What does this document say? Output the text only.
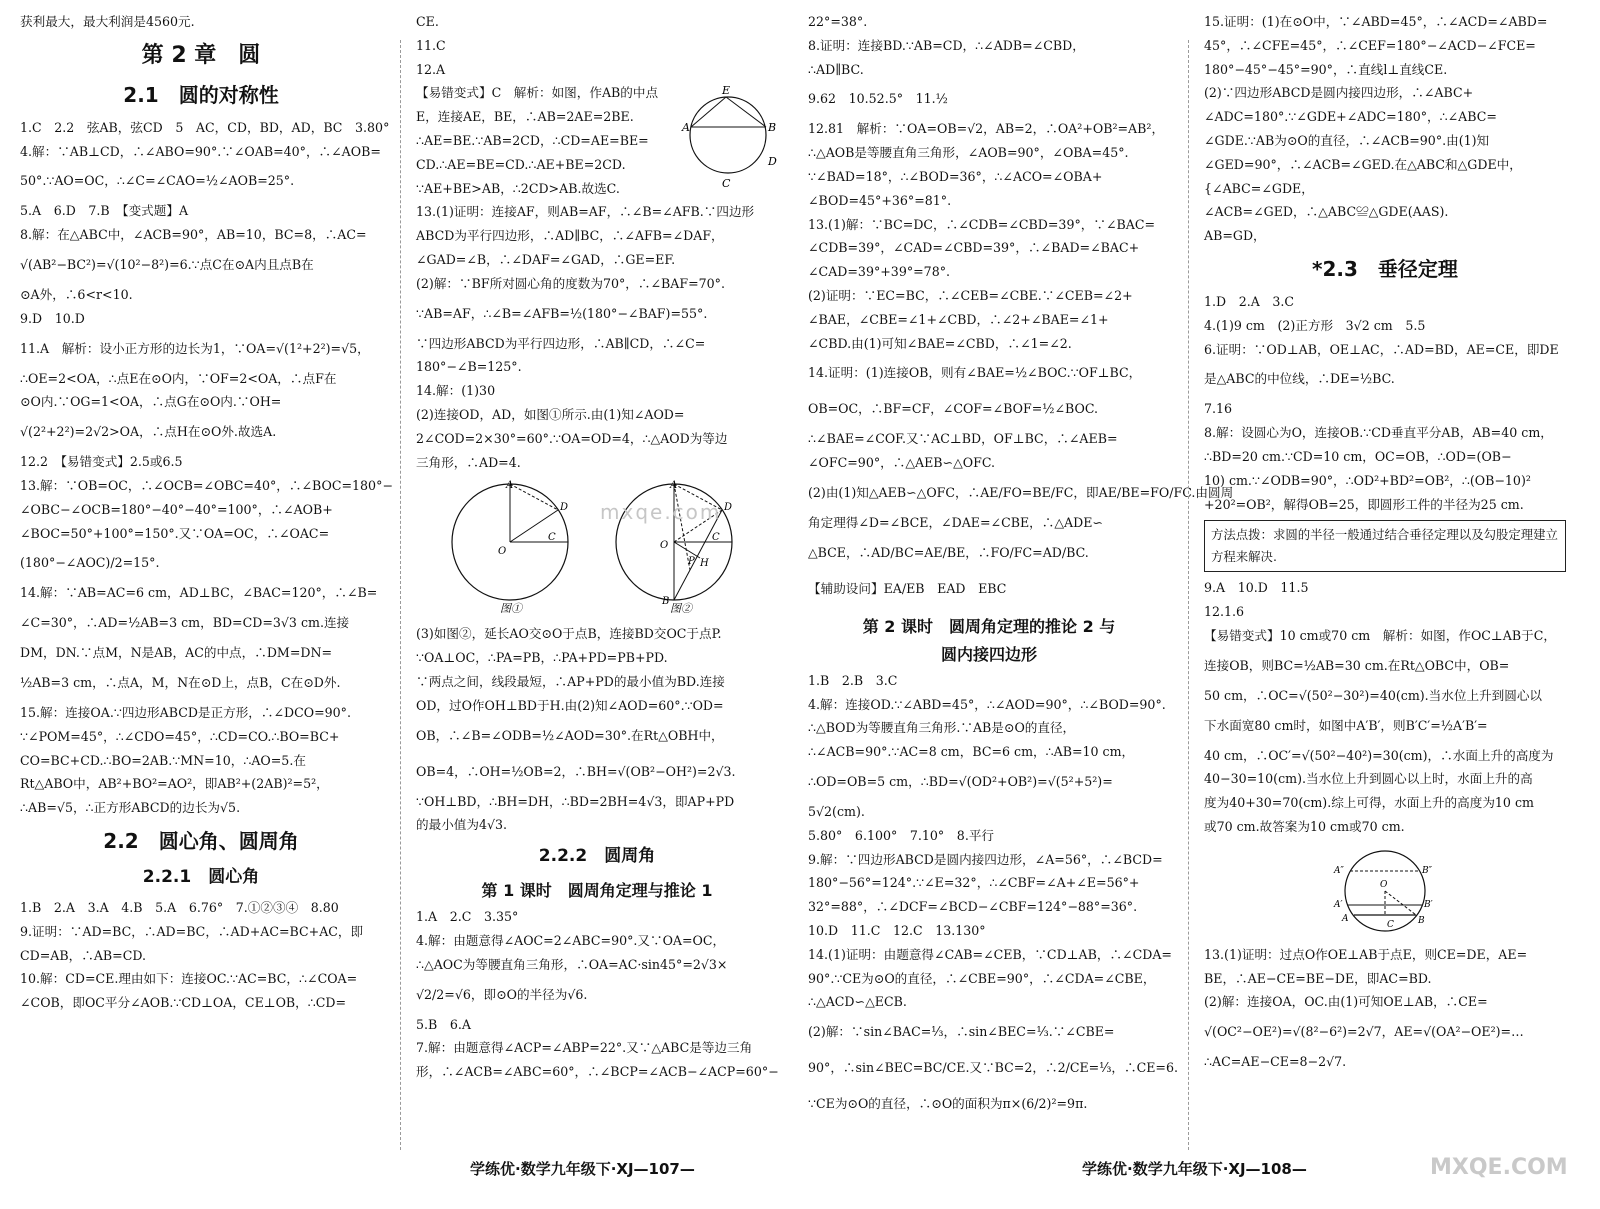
获利最大，最大利润是4560元.

第 2 章　圆
2.1　圆的对称性

1.C　2.2　弦AB，弦CD　5　AC，CD，BD，AD，BC　3.80°

4.解：∵AB⊥CD，∴∠ABO=90°.∵∠OAB=40°，∴∠AOB=

50°.∵AO=OC，∴∠C=∠CAO=½∠AOB=25°.

5.A　6.D　7.B　【变式题】A

8.解：在△ABC中，∠ACB=90°，AB=10，BC=8，∴AC=

√(AB²−BC²)=√(10²−8²)=6.∵点C在⊙A内且点B在

⊙A外，∴6<r<10.

9.D　10.D

11.A　解析：设小正方形的边长为1，∵OA=√(1²+2²)=√5，

∴OE=2<OA，∴点E在⊙O内，∵OF=2<OA，∴点F在

⊙O内.∵OG=1<OA，∴点G在⊙O内.∵OH=

√(2²+2²)=2√2>OA，∴点H在⊙O外.故选A.

12.2　【易错变式】2.5或6.5

13.解：∵OB=OC，∴∠OCB=∠OBC=40°，∴∠BOC=180°−

∠OBC−∠OCB=180°−40°−40°=100°，∴∠AOB+

∠BOC=50°+100°=150°.又∵OA=OC，∴∠OAC=

(180°−∠AOC)/2=15°.

14.解：∵AB=AC=6 cm，AD⊥BC，∠BAC=120°，∴∠B=

∠C=30°，∴AD=½AB=3 cm，BD=CD=3√3 cm.连接

DM，DN.∵点M，N是AB，AC的中点，∴DM=DN=

½AB=3 cm，∴点A，M，N在⊙D上，点B，C在⊙D外.

15.解：连接OA.∵四边形ABCD是正方形，∴∠DCO=90°.

∵∠POM=45°，∴∠CDO=45°，∴CD=CO.∴BO=BC+

CO=BC+CD.∴BO=2AB.∵MN=10，∴AO=5.在

Rt△ABO中，AB²+BO²=AO²，即AB²+(2AB)²=5²，

∴AB=√5，∴正方形ABCD的边长为√5.

2.2　圆心角、圆周角
2.2.1　圆心角

1.B　2.A　3.A　4.B　5.A　6.76°　7.①②③④　8.80

9.证明：∵AD=BC，∴AD=BC，∴AD+AC=BC+AC，即

CD=AB，∴AB=CD.

10.解：CD=CE.理由如下：连接OC.∵AC=BC，∴∠COA=

∠COB，即OC平分∠AOB.∵CD⊥OA，CE⊥OB，∴CD=

CE.

11.C

12.A

E
A	B
D
C

【易错变式】C　解析：如图，作AB的中点

E，连接AE，BE，∴AB=2AE=2BE.

∴AE=BE.∵AB=2CD，∴CD=AE=BE=

CD.∴AE=BE=CD.∴AE+BE=2CD.

∵AE+BE>AB，∴2CD>AB.故选C.

13.(1)证明：连接AF，则AB=AF，∴∠B=∠AFB.∵四边形

ABCD为平行四边形，∴AD∥BC，∴∠AFB=∠DAF，

∠GAD=∠B，∴∠DAF=∠GAD，∴GE=EF.

(2)解：∵BF所对圆心角的度数为70°，∴∠BAF=70°.

∵AB=AF，∴∠B=∠AFB=½(180°−∠BAF)=55°.

∵四边形ABCD为平行四边形，∴AB∥CD，∴∠C=

180°−∠B=125°.

14.解：(1)30

(2)连接OD，AD，如图①所示.由(1)知∠AOD=

2∠COD=2×30°=60°.∵OA=OD=4，∴△AOD为等边

三角形，∴AD=4.

A
D
C
O
图①
A
D
C
O
P H
B
图②

(3)如图②，延长AO交⊙O于点B，连接BD交OC于点P.

∵OA⊥OC，∴PA=PB，∴PA+PD=PB+PD.

∵两点之间，线段最短，∴AP+PD的最小值为BD.连接

OD，过O作OH⊥BD于H.由(2)知∠AOD=60°.∵OD=

OB，∴∠B=∠ODB=½∠AOD=30°.在Rt△OBH中，

OB=4，∴OH=½OB=2，∴BH=√(OB²−OH²)=2√3.

∵OH⊥BD，∴BH=DH，∴BD=2BH=4√3，即AP+PD

的最小值为4√3.

2.2.2　圆周角
第 1 课时　圆周角定理与推论 1

1.A　2.C　3.35°

4.解：由题意得∠AOC=2∠ABC=90°.又∵OA=OC，

∴△AOC为等腰直角三角形，∴OA=AC·sin45°=2√3×

√2/2=√6，即⊙O的半径为√6.

5.B　6.A

7.解：由题意得∠ACP=∠ABP=22°.又∵△ABC是等边三角

形，∴∠ACB=∠ABC=60°，∴∠BCP=∠ACB−∠ACP=60°−

22°=38°.

8.证明：连接BD.∵AB=CD，∴∠ADB=∠CBD，

∴AD∥BC.

9.62　10.52.5°　11.½

12.81　解析：∵OA=OB=√2，AB=2，∴OA²+OB²=AB²，

∴△AOB是等腰直角三角形，∠AOB=90°，∠OBA=45°.

∵∠BAD=18°，∴∠BOD=36°，∴∠ACO=∠OBA+

∠BOD=45°+36°=81°.

13.(1)解：∵BC=DC，∴∠CDB=∠CBD=39°，∵∠BAC=

∠CDB=39°，∠CAD=∠CBD=39°，∴∠BAD=∠BAC+

∠CAD=39°+39°=78°.

(2)证明：∵EC=BC，∴∠CEB=∠CBE.∵∠CEB=∠2+

∠BAE，∠CBE=∠1+∠CBD，∴∠2+∠BAE=∠1+

∠CBD.由(1)可知∠BAE=∠CBD，∴∠1=∠2.

14.证明：(1)连接OB，则有∠BAE=½∠BOC.∵OF⊥BC，

OB=OC，∴BF=CF，∠COF=∠BOF=½∠BOC.

∴∠BAE=∠COF.又∵AC⊥BD，OF⊥BC，∴∠AEB=

∠OFC=90°，∴△AEB∽△OFC.

(2)由(1)知△AEB∽△OFC，∴AE/FO=BE/FC，即AE/BE=FO/FC.由圆周

角定理得∠D=∠BCE，∠DAE=∠CBE，∴△ADE∽

△BCE，∴AD/BC=AE/BE，∴FO/FC=AD/BC.

【辅助设问】EA/EB　EAD　EBC

第 2 课时　圆周角定理的推论 2 与
圆内接四边形

1.B　2.B　3.C

4.解：连接OD.∵∠ABD=45°，∴∠AOD=90°，∴∠BOD=90°.

∴△BOD为等腰直角三角形.∵AB是⊙O的直径，

∴∠ACB=90°.∵AC=8 cm，BC=6 cm，∴AB=10 cm，

∴OD=OB=5 cm，∴BD=√(OD²+OB²)=√(5²+5²)=

5√2(cm).

5.80°　6.100°　7.10°　8.平行

9.解：∵四边形ABCD是圆内接四边形，∠A=56°，∴∠BCD=

180°−56°=124°.∵∠E=32°，∴∠CBF=∠A+∠E=56°+

32°=88°，∴∠DCF=∠BCD−∠CBF=124°−88°=36°.

10.D　11.C　12.C　13.130°

14.(1)证明：由题意得∠CAB=∠CEB，∵CD⊥AB，∴∠CDA=

90°.∵CE为⊙O的直径，∴∠CBE=90°，∴∠CDA=∠CBE，

∴△ACD∽△ECB.

(2)解：∵sin∠BAC=⅓，∴sin∠BEC=⅓.∵∠CBE=

90°，∴sin∠BEC=BC/CE.又∵BC=2，∴2/CE=⅓，∴CE=6.

∵CE为⊙O的直径，∴⊙O的面积为π×(6/2)²=9π.

15.证明：(1)在⊙O中，∵∠ABD=45°，∴∠ACD=∠ABD=

45°，∴∠CFE=45°，∴∠CEF=180°−∠ACD−∠FCE=

180°−45°−45°=90°，∴直线l⊥直线CE.

(2)∵四边形ABCD是圆内接四边形，∴∠ABC+

∠ADC=180°.∵∠GDE+∠ADC=180°，∴∠ABC=

∠GDE.∵AB为⊙O的直径，∴∠ACB=90°.由(1)知

∠GED=90°，∴∠ACB=∠GED.在△ABC和△GDE中，

{∠ABC=∠GDE，

∠ACB=∠GED，∴△ABC≌△GDE(AAS).

AB=GD，

*2.3　垂径定理

1.D　2.A　3.C

4.(1)9 cm　(2)正方形　3√2 cm　5.5

6.证明：∵OD⊥AB，OE⊥AC，∴AD=BD，AE=CE，即DE

是△ABC的中位线，∴DE=½BC.

7.16

8.解：设圆心为O，连接OB.∵CD垂直平分AB，AB=40 cm，

∴BD=20 cm.∵CD=10 cm，OC=OB，∴OD=(OB−

10) cm.∵∠ODB=90°，∴OD²+BD²=OB²，∴(OB−10)²

+20²=OB²，解得OB=25，即圆形工件的半径为25 cm.

方法点拨：求圆的半径一般通过结合垂径定理以及勾股定理建立方程来解决.

9.A　10.D　11.5

12.1.6

【易错变式】10 cm或70 cm　解析：如图，作OC⊥AB于C，

连接OB，则BC=½AB=30 cm.在Rt△OBC中，OB=

50 cm，∴OC=√(50²−30²)=40(cm).当水位上升到圆心以

下水面宽80 cm时，如图中A′B′，则B′C′=½A′B′=

40 cm，∴OC′=√(50²−40²)=30(cm)，∴水面上升的高度为

40−30=10(cm).当水位上升到圆心以上时，水面上升的高

度为40+30=70(cm).综上可得，水面上升的高度为10 cm

或70 cm.故答案为10 cm或70 cm.

A″	B″
O
A′	B′
A	B
C

13.(1)证明：过点O作OE⊥AB于点E，则CE=DE，AE=

BE，∴AE−CE=BE−DE，即AC=BD.

(2)解：连接OA，OC.由(1)可知OE⊥AB，∴CE=

√(OC²−OE²)=√(8²−6²)=2√7，AE=√(OA²−OE²)=…

∴AC=AE−CE=8−2√7.

学练优·数学九年级下·XJ—107—	学练优·数学九年级下·XJ—108—
mxqe.com
MXQE.COM
